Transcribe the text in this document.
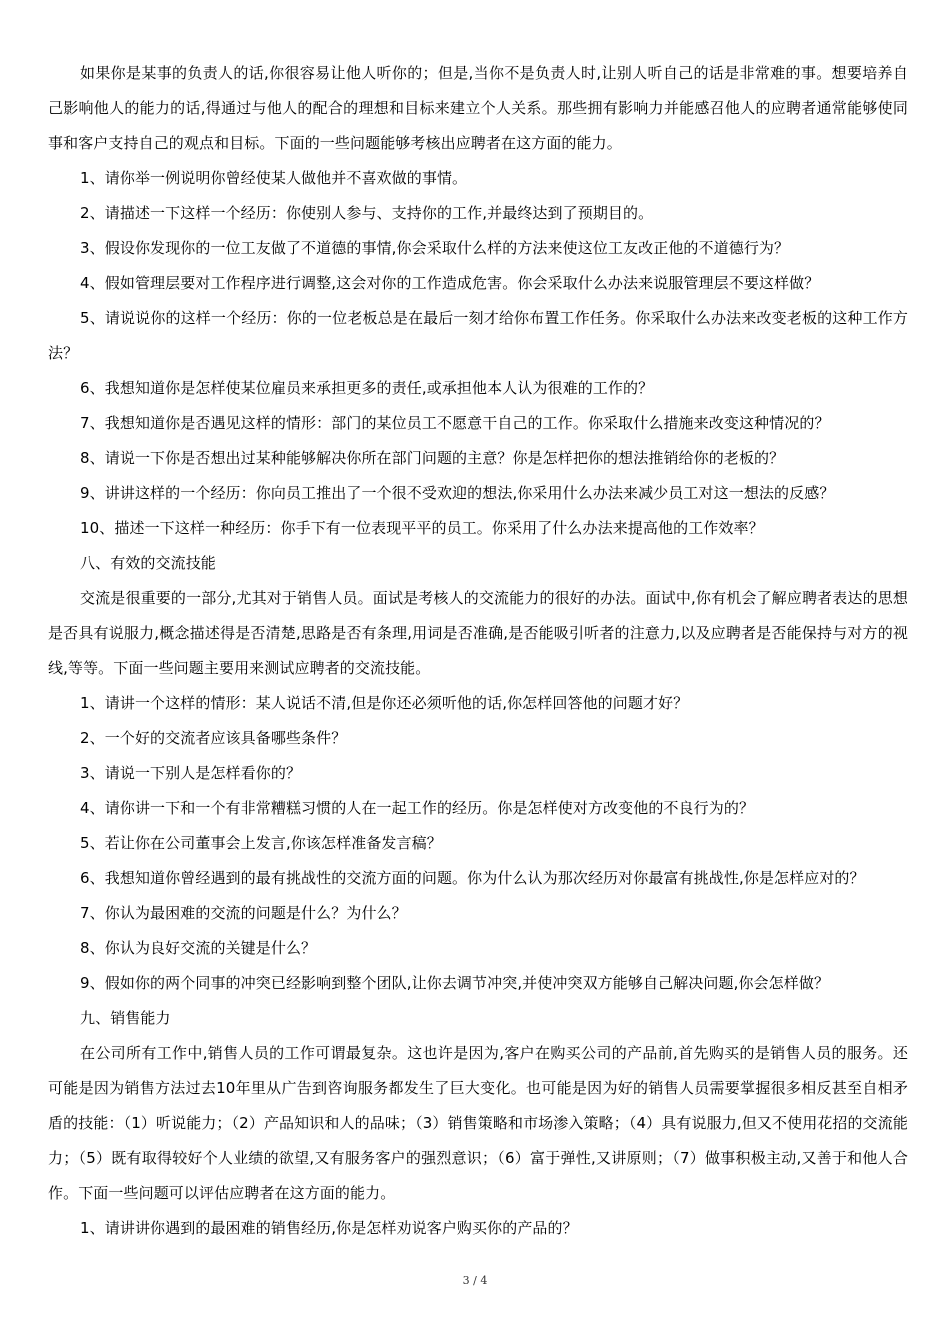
如果你是某事的负责人的话,你很容易让他人听你的；但是,当你不是负责人时,让别人听自己的话是非常难的事。想要培养自己影响他人的能力的话,得通过与他人的配合的理想和目标来建立个人关系。那些拥有影响力并能感召他人的应聘者通常能够使同事和客户支持自己的观点和目标。下面的一些问题能够考核出应聘者在这方面的能力。

1、请你举一例说明你曾经使某人做他并不喜欢做的事情。

2、请描述一下这样一个经历：你使别人参与、支持你的工作,并最终达到了预期目的。

3、假设你发现你的一位工友做了不道德的事情,你会采取什么样的方法来使这位工友改正他的不道德行为？

4、假如管理层要对工作程序进行调整,这会对你的工作造成危害。你会采取什么办法来说服管理层不要这样做？

5、请说说你的这样一个经历：你的一位老板总是在最后一刻才给你布置工作任务。你采取什么办法来改变老板的这种工作方法？

6、我想知道你是怎样使某位雇员来承担更多的责任,或承担他本人认为很难的工作的？

7、我想知道你是否遇见这样的情形：部门的某位员工不愿意干自己的工作。你采取什么措施来改变这种情况的？

8、请说一下你是否想出过某种能够解决你所在部门问题的主意？你是怎样把你的想法推销给你的老板的？

9、讲讲这样的一个经历：你向员工推出了一个很不受欢迎的想法,你采用什么办法来减少员工对这一想法的反感？

10、描述一下这样一种经历：你手下有一位表现平平的员工。你采用了什么办法来提高他的工作效率？

八、有效的交流技能

交流是很重要的一部分,尤其对于销售人员。面试是考核人的交流能力的很好的办法。面试中,你有机会了解应聘者表达的思想是否具有说服力,概念描述得是否清楚,思路是否有条理,用词是否准确,是否能吸引听者的注意力,以及应聘者是否能保持与对方的视线,等等。下面一些问题主要用来测试应聘者的交流技能。

1、请讲一个这样的情形：某人说话不清,但是你还必须听他的话,你怎样回答他的问题才好？

2、一个好的交流者应该具备哪些条件？

3、请说一下别人是怎样看你的？

4、请你讲一下和一个有非常糟糕习惯的人在一起工作的经历。你是怎样使对方改变他的不良行为的？

5、若让你在公司董事会上发言,你该怎样准备发言稿？

6、我想知道你曾经遇到的最有挑战性的交流方面的问题。你为什么认为那次经历对你最富有挑战性,你是怎样应对的？

7、你认为最困难的交流的问题是什么？为什么？

8、你认为良好交流的关键是什么？

9、假如你的两个同事的冲突已经影响到整个团队,让你去调节冲突,并使冲突双方能够自己解决问题,你会怎样做？

九、销售能力

在公司所有工作中,销售人员的工作可谓最复杂。这也许是因为,客户在购买公司的产品前,首先购买的是销售人员的服务。还可能是因为销售方法过去10年里从广告到咨询服务都发生了巨大变化。也可能是因为好的销售人员需要掌握很多相反甚至自相矛盾的技能：（1）听说能力；（2）产品知识和人的品味；（3）销售策略和市场渗入策略；（4）具有说服力,但又不使用花招的交流能力；（5）既有取得较好个人业绩的欲望,又有服务客户的强烈意识；（6）富于弹性,又讲原则；（7）做事积极主动,又善于和他人合作。下面一些问题可以评估应聘者在这方面的能力。

1、请讲讲你遇到的最困难的销售经历,你是怎样劝说客户购买你的产品的？

3 / 4
